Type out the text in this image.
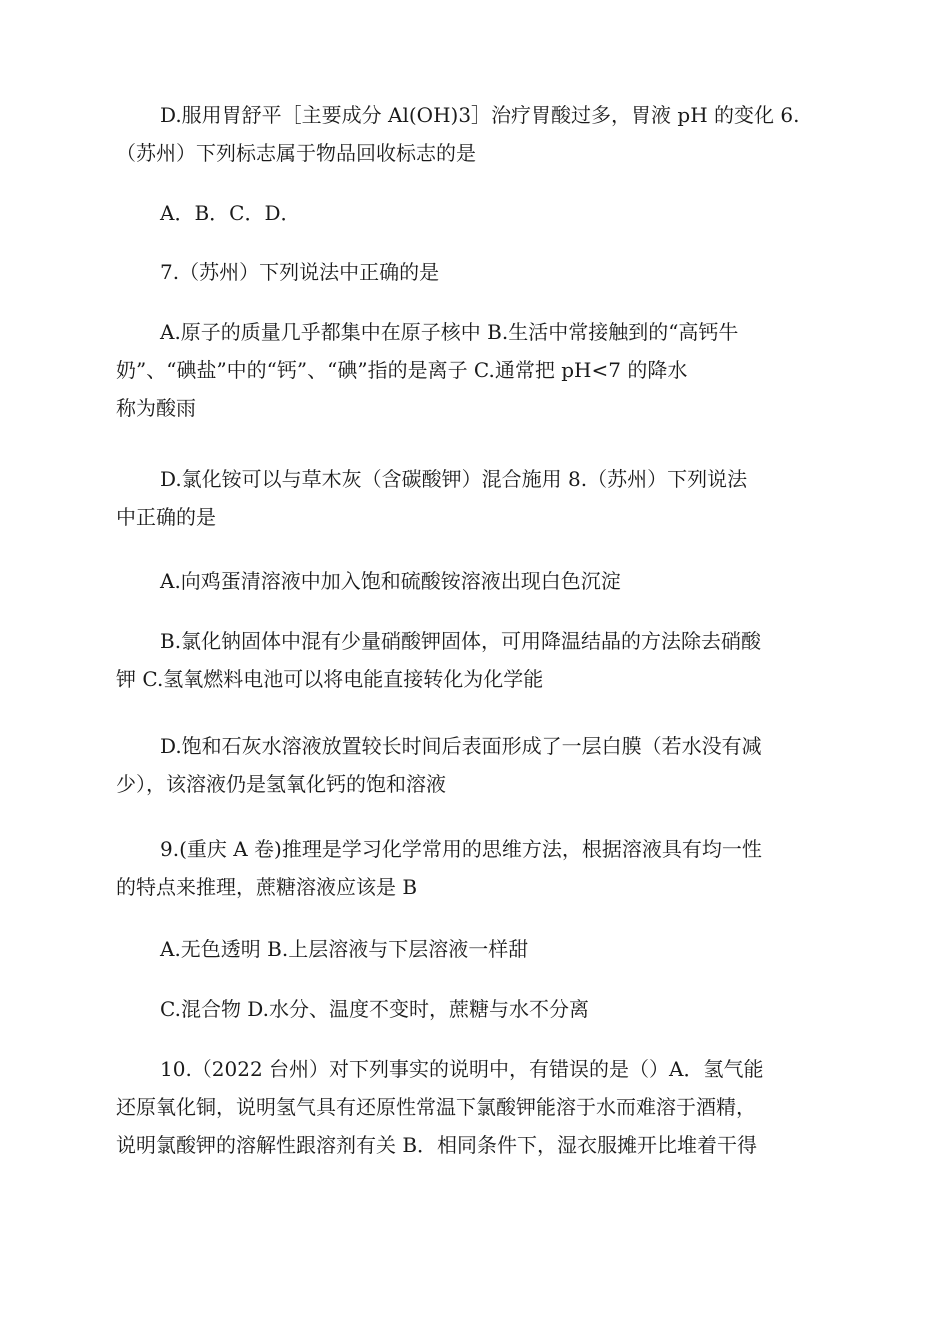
D.服用胃舒平［主要成分 Al(OH)3］治疗胃酸过多，胃液 pH 的变化 6.
（苏州）下列标志属于物品回收标志的是

A．B．C．D．

7.（苏州）下列说法中正确的是

A.原子的质量几乎都集中在原子核中 B.生活中常接触到的“高钙牛
奶”、“碘盐”中的“钙”、“碘”指的是离子 C.通常把 pH<7 的降水
称为酸雨

D.氯化铵可以与草木灰（含碳酸钾）混合施用 8.（苏州）下列说法
中正确的是

A.向鸡蛋清溶液中加入饱和硫酸铵溶液出现白色沉淀

B.氯化钠固体中混有少量硝酸钾固体，可用降温结晶的方法除去硝酸
钾 C.氢氧燃料电池可以将电能直接转化为化学能

D.饱和石灰水溶液放置较长时间后表面形成了一层白膜（若水没有减
少），该溶液仍是氢氧化钙的饱和溶液

9.(重庆 A 卷)推理是学习化学常用的思维方法，根据溶液具有均一性
的特点来推理，蔗糖溶液应该是 B

A.无色透明 B.上层溶液与下层溶液一样甜

C.混合物 D.水分、温度不变时，蔗糖与水不分离

10.（2022 台州）对下列事实的说明中，有错误的是（）A．氢气能
还原氧化铜，说明氢气具有还原性常温下氯酸钾能溶于水而难溶于酒精，
说明氯酸钾的溶解性跟溶剂有关 B．相同条件下，湿衣服摊开比堆着干得
